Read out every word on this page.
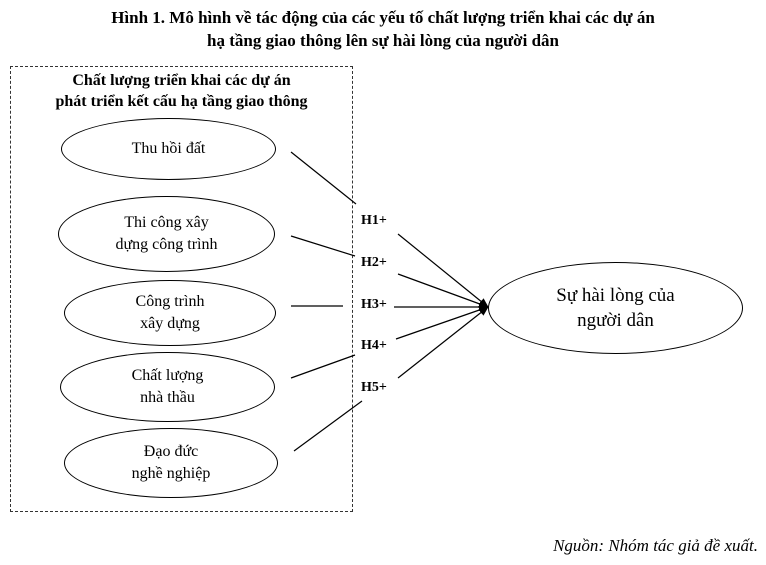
Hình 1. Mô hình về tác động của các yếu tố chất lượng triển khai các dự án
hạ tầng giao thông lên sự hài lòng của người dân
Chất lượng triển khai các dự án
phát triển kết cấu hạ tầng giao thông
Thu hồi đất
Thi công xây
dựng công trình
Công trình
xây dựng
Chất lượng
nhà thầu
Đạo đức
nghề nghiệp
H1+
H2+
H3+
H4+
H5+
Sự hài lòng của
người dân
Nguồn: Nhóm tác giả đề xuất.
